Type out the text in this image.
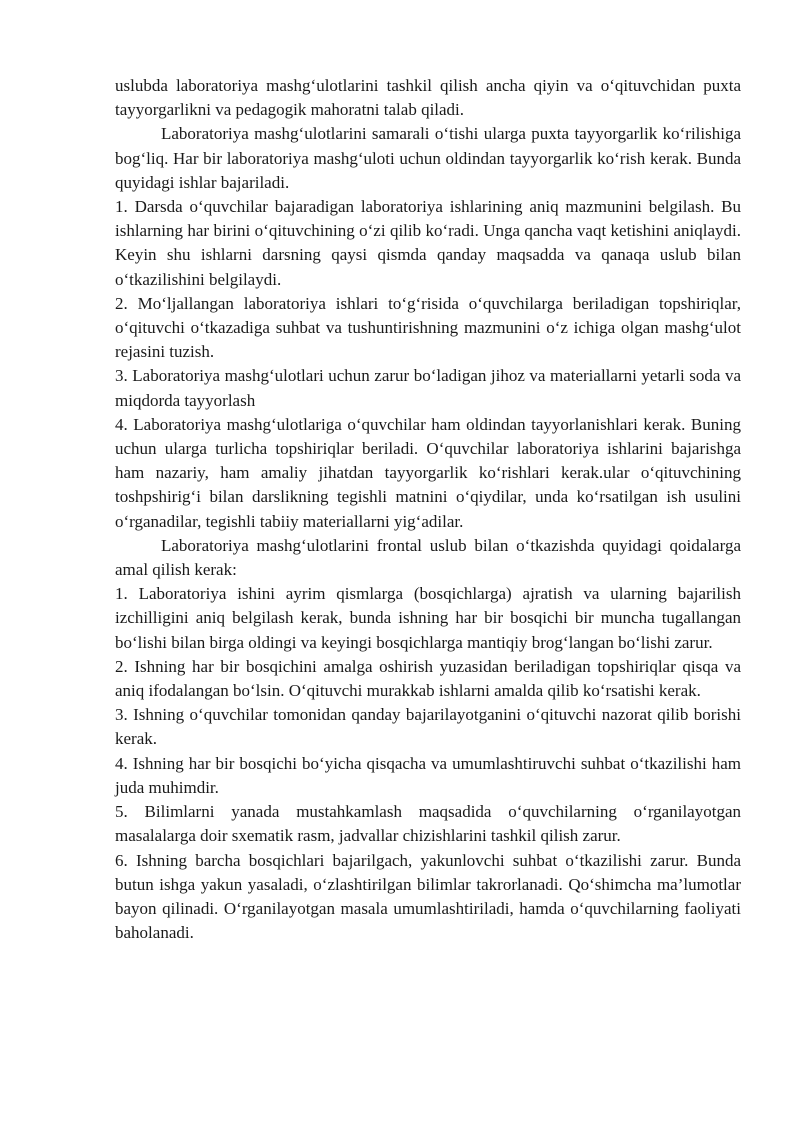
uslubda laboratoriya mashg‘ulotlarini tashkil qilish ancha qiyin va o‘qituvchidan puxta tayyorgarlikni va pedagogik mahoratni talab qiladi.

Laboratoriya mashg‘ulotlarini samarali o‘tishi ularga puxta tayyorgarlik ko‘rilishiga bog‘liq. Har bir laboratoriya mashg‘uloti uchun oldindan tayyorgarlik ko‘rish kerak. Bunda quyidagi ishlar bajariladi.

1. Darsda o‘quvchilar bajaradigan laboratoriya ishlarining aniq mazmunini belgilash. Bu ishlarning har birini o‘qituvchining o‘zi qilib ko‘radi. Unga qancha vaqt ketishini aniqlaydi. Keyin shu ishlarni darsning qaysi qismda qanday maqsadda va qanaqa uslub bilan o‘tkazilishini belgilaydi.

2. Mo‘ljallangan laboratoriya ishlari to‘g‘risida o‘quvchilarga beriladigan topshiriqlar, o‘qituvchi o‘tkazadiga suhbat va tushuntirishning mazmunini o‘z ichiga olgan mashg‘ulot rejasini tuzish.

3. Laboratoriya mashg‘ulotlari uchun zarur bo‘ladigan jihoz va materiallarni yetarli soda va miqdorda tayyorlash

4. Laboratoriya mashg‘ulotlariga o‘quvchilar ham oldindan tayyorlanishlari kerak. Buning uchun ularga turlicha topshiriqlar beriladi. O‘quvchilar laboratoriya ishlarini bajarishga ham nazariy, ham amaliy jihatdan tayyorgarlik ko‘rishlari kerak.ular o‘qituvchining toshpshirig‘i bilan darslikning tegishli matnini o‘qiydilar, unda ko‘rsatilgan ish usulini o‘rganadilar, tegishli tabiiy materiallarni yig‘adilar.

Laboratoriya mashg‘ulotlarini frontal uslub bilan o‘tkazishda quyidagi qoidalarga amal qilish kerak:

1. Laboratoriya ishini ayrim qismlarga (bosqichlarga) ajratish va ularning bajarilish izchilligini aniq belgilash kerak, bunda ishning har bir bosqichi bir muncha tugallangan bo‘lishi bilan birga oldingi va keyingi bosqichlarga mantiqiy brog‘langan bo‘lishi zarur.

2. Ishning har bir bosqichini amalga oshirish yuzasidan beriladigan topshiriqlar qisqa va aniq ifodalangan bo‘lsin. O‘qituvchi murakkab ishlarni amalda qilib ko‘rsatishi kerak.

3. Ishning o‘quvchilar tomonidan qanday bajarilayotganini o‘qituvchi nazorat qilib borishi kerak.

4. Ishning har bir bosqichi bo‘yicha qisqacha va umumlashtiruvchi suhbat o‘tkazilishi ham juda muhimdir.

5. Bilimlarni yanada mustahkamlash maqsadida o‘quvchilarning o‘rganilayotgan masalalarga doir sxematik rasm, jadvallar chizishlarini tashkil qilish zarur.

6. Ishning barcha bosqichlari bajarilgach, yakunlovchi suhbat o‘tkazilishi zarur. Bunda butun ishga yakun yasaladi, o‘zlashtirilgan bilimlar takrorlanadi. Qo‘shimcha ma’lumotlar bayon qilinadi. O‘rganilayotgan masala umumlashtiriladi, hamda o‘quvchilarning faoliyati baholanadi.
